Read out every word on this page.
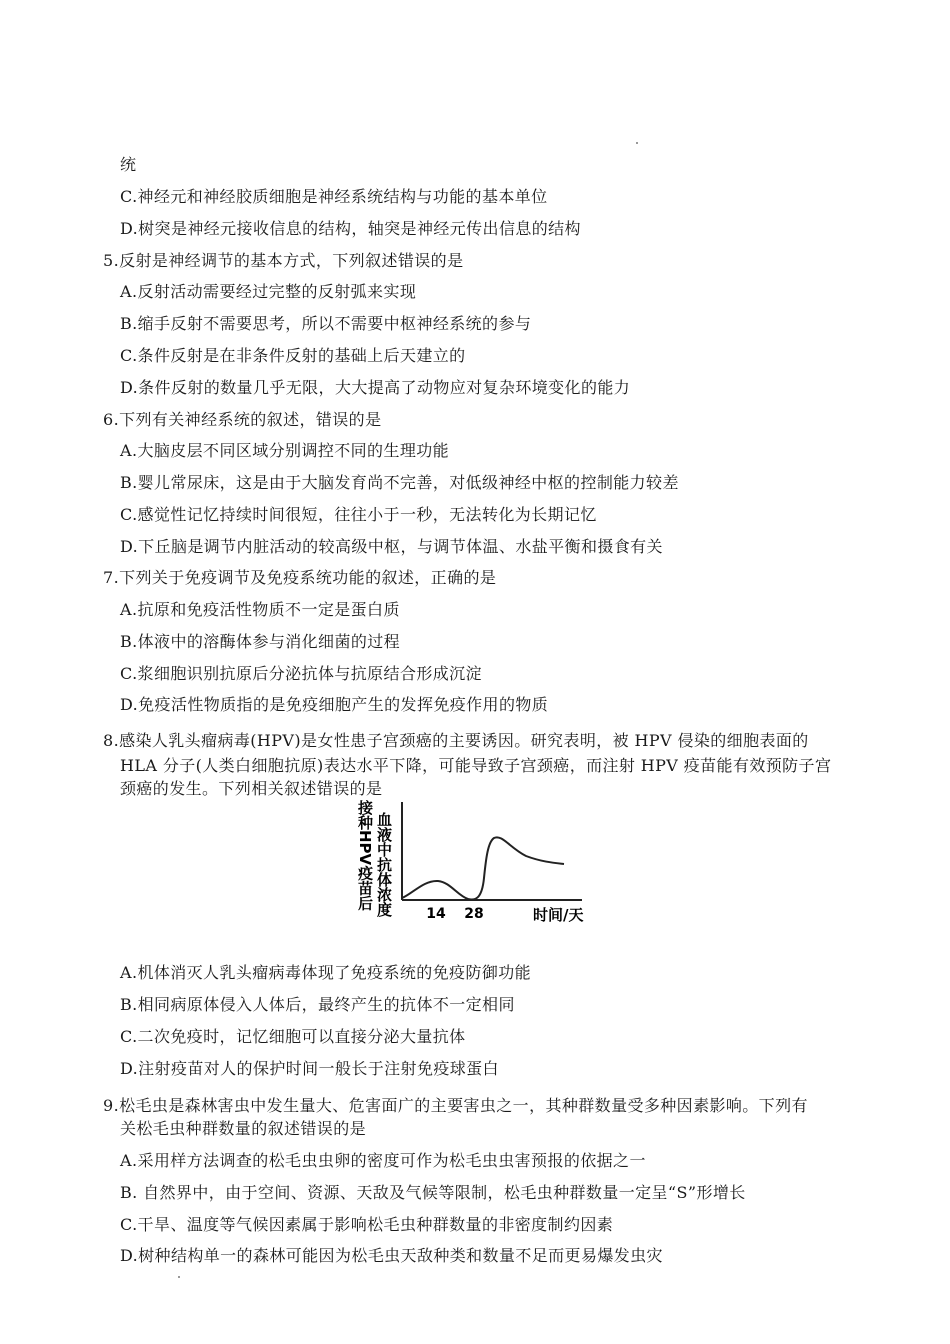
统
C.神经元和神经胶质细胞是神经系统结构与功能的基本单位
D.树突是神经元接收信息的结构，轴突是神经元传出信息的结构
5.反射是神经调节的基本方式，下列叙述错误的是
A.反射活动需要经过完整的反射弧来实现
B.缩手反射不需要思考，所以不需要中枢神经系统的参与
C.条件反射是在非条件反射的基础上后天建立的
D.条件反射的数量几乎无限，大大提高了动物应对复杂环境变化的能力
6.下列有关神经系统的叙述，错误的是
A.大脑皮层不同区域分别调控不同的生理功能
B.婴儿常尿床，这是由于大脑发育尚不完善，对低级神经中枢的控制能力较差
C.感觉性记忆持续时间很短，往往小于一秒，无法转化为长期记忆
D.下丘脑是调节内脏活动的较高级中枢，与调节体温、水盐平衡和摄食有关
7.下列关于免疫调节及免疫系统功能的叙述，正确的是
A.抗原和免疫活性物质不一定是蛋白质
B.体液中的溶酶体参与消化细菌的过程
C.浆细胞识别抗原后分泌抗体与抗原结合形成沉淀
D.免疫活性物质指的是免疫细胞产生的发挥免疫作用的物质
8.感染人乳头瘤病毒(HPV)是女性患子宫颈癌的主要诱因。研究表明，被 HPV 侵染的细胞表面的
HLA 分子(人类白细胞抗原)表达水平下降，可能导致子宫颈癌，而注射 HPV 疫苗能有效预防子宫
颈癌的发生。下列相关叙述错误的是
接种HPV疫苗后 血液中抗体浓度 14 28	时间/天
A.机体消灭人乳头瘤病毒体现了免疫系统的免疫防御功能
B.相同病原体侵入人体后，最终产生的抗体不一定相同
C.二次免疫时，记忆细胞可以直接分泌大量抗体
D.注射疫苗对人的保护时间一般长于注射免疫球蛋白
9.松毛虫是森林害虫中发生量大、危害面广的主要害虫之一，其种群数量受多种因素影响。下列有
关松毛虫种群数量的叙述错误的是
A.采用样方法调查的松毛虫虫卵的密度可作为松毛虫虫害预报的依据之一
B. 自然界中，由于空间、资源、天敌及气候等限制，松毛虫种群数量一定呈“S”形增长
C.干旱、温度等气候因素属于影响松毛虫种群数量的非密度制约因素
D.树种结构单一的森林可能因为松毛虫天敌种类和数量不足而更易爆发虫灾
